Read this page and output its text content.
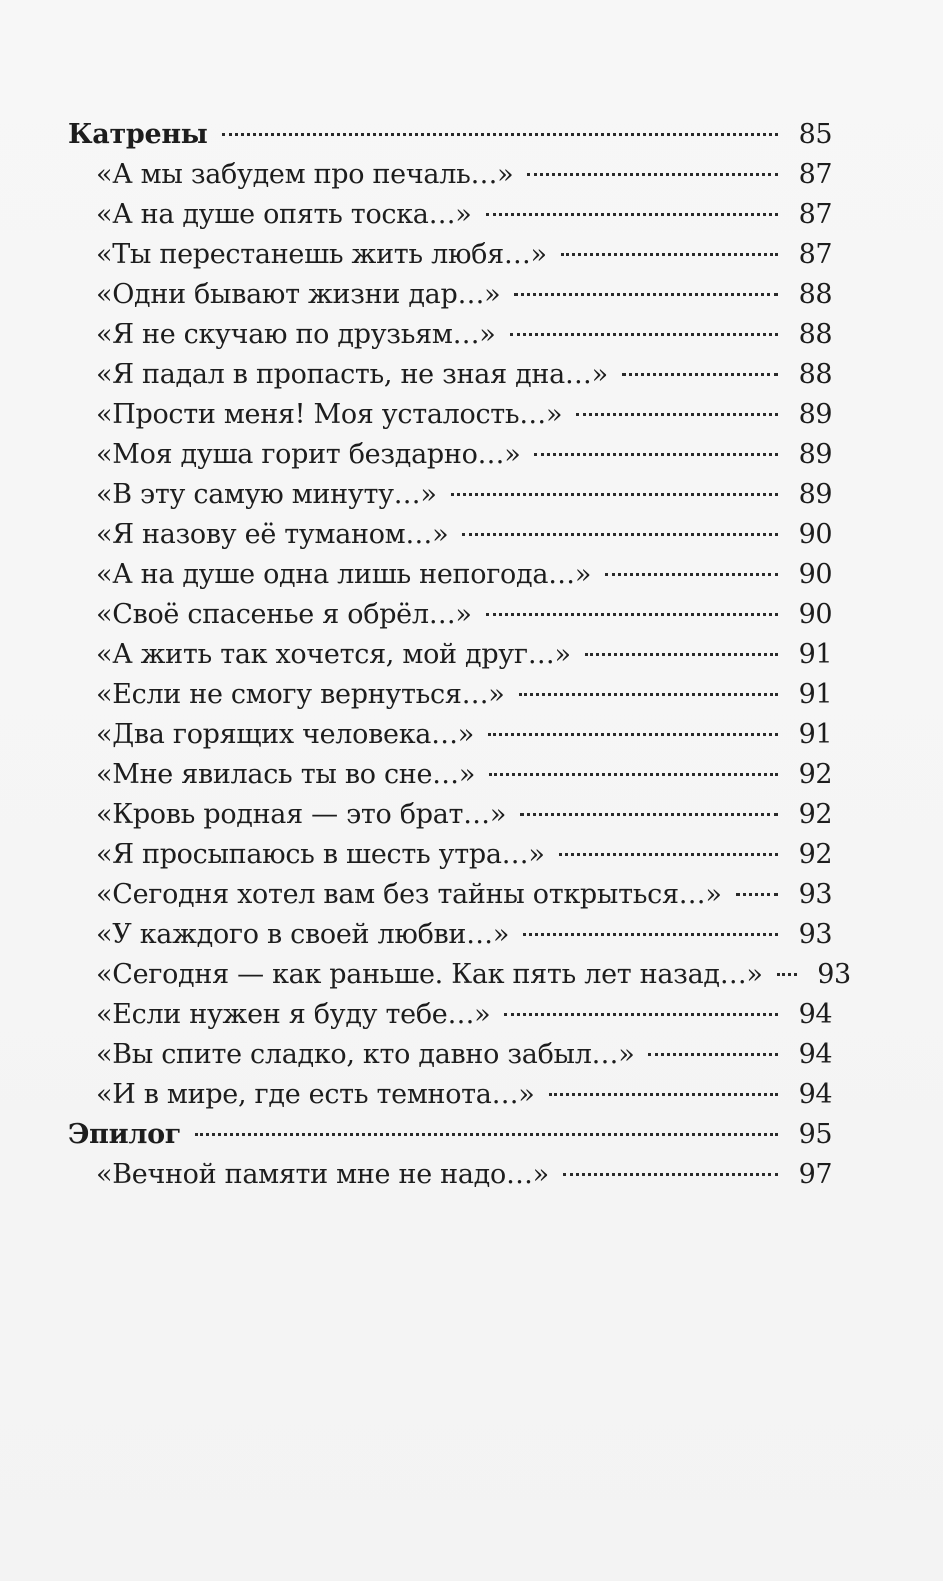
Катрены	85
«А мы забудем про печаль…»	87
«А на душе опять тоска…»	87
«Ты перестанешь жить любя…»	87
«Одни бывают жизни дар…»	88
«Я не скучаю по друзьям…»	88
«Я падал в пропасть, не зная дна…»	88
«Прости меня! Моя усталость…»	89
«Моя душа горит бездарно…»	89
«В эту самую минуту…»	89
«Я назову её туманом…»	90
«А на душе одна лишь непогода…»	90
«Своё спасенье я обрёл…»	90
«А жить так хочется, мой друг…»	91
«Если не смогу вернуться…»	91
«Два горящих человека…»	91
«Мне явилась ты во сне…»	92
«Кровь родная — это брат…»	92
«Я просыпаюсь в шесть утра…»	92
«Сегодня хотел вам без тайны открыться…»	93
«У каждого в своей любви…»	93
«Сегодня — как раньше. Как пять лет назад…» 93
«Если нужен я буду тебе…»	94
«Вы спите сладко, кто давно забыл…»	94
«И в мире, где есть темнота…»	94
Эпилог	95
«Вечной памяти мне не надо…»	97
